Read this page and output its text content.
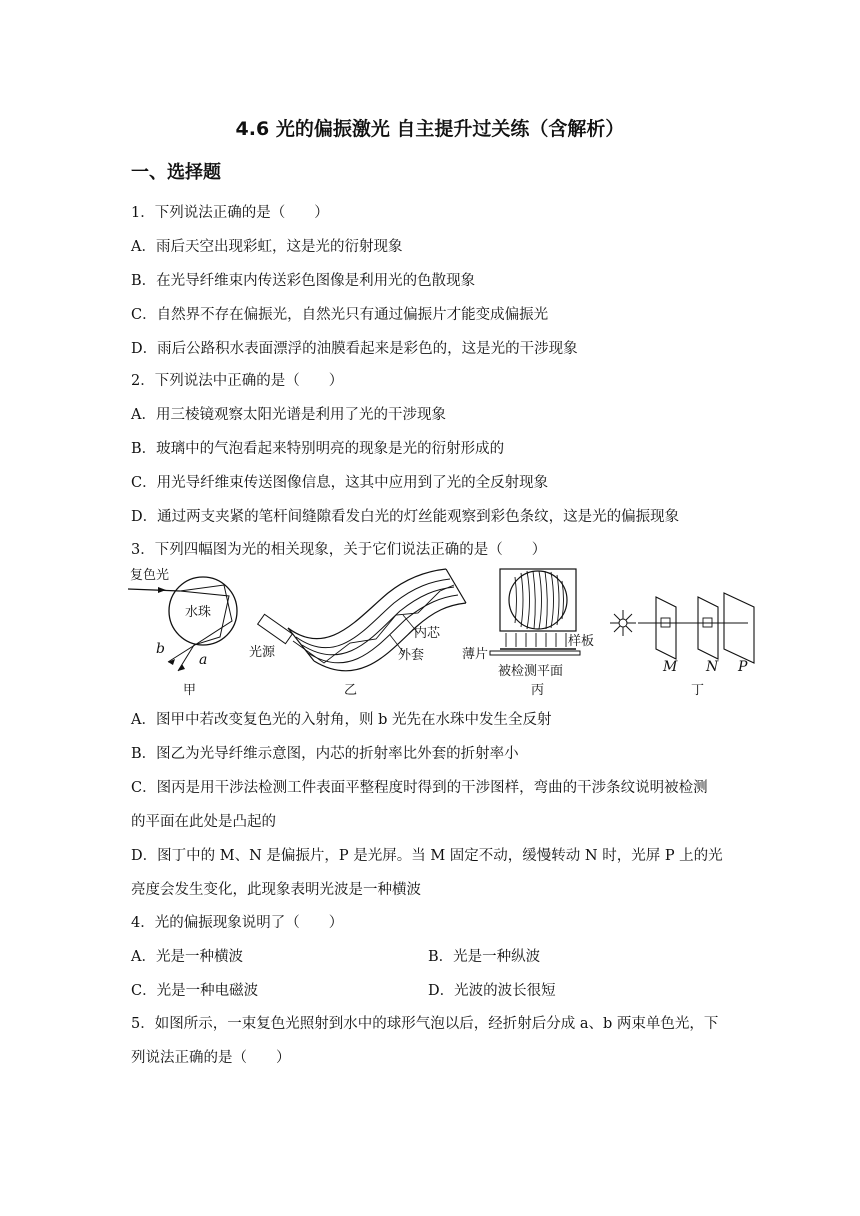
4.6 光的偏振激光 自主提升过关练（含解析）
一、选择题
1．下列说法正确的是（　　）
A．雨后天空出现彩虹，这是光的衍射现象
B．在光导纤维束内传送彩色图像是利用光的色散现象
C．自然界不存在偏振光，自然光只有通过偏振片才能变成偏振光
D．雨后公路积水表面漂浮的油膜看起来是彩色的，这是光的干涉现象
2．下列说法中正确的是（　　）
A．用三棱镜观察太阳光谱是利用了光的干涉现象
B．玻璃中的气泡看起来特别明亮的现象是光的衍射形成的
C．用光导纤维束传送图像信息，这其中应用到了光的全反射现象
D．通过两支夹紧的笔杆间缝隙看发白光的灯丝能观察到彩色条纹，这是光的偏振现象
3．下列四幅图为光的相关现象，关于它们说法正确的是（　　）
复色光
水珠
b
a
甲
光源
内芯
外套
乙
样板
薄片
被检测平面
丙
M N P
丁
A．图甲中若改变复色光的入射角，则 b 光先在水珠中发生全反射
B．图乙为光导纤维示意图，内芯的折射率比外套的折射率小
C．图丙是用干涉法检测工件表面平整程度时得到的干涉图样，弯曲的干涉条纹说明被检测
的平面在此处是凸起的
D．图丁中的 M、N 是偏振片，P 是光屏。当 M 固定不动，缓慢转动 N 时，光屏 P 上的光
亮度会发生变化，此现象表明光波是一种横波
4．光的偏振现象说明了（　　）
A．光是一种横波	B．光是一种纵波
C．光是一种电磁波	D．光波的波长很短
5．如图所示，一束复色光照射到水中的球形气泡以后，经折射后分成 a、b 两束单色光，下
列说法正确的是（　　）
